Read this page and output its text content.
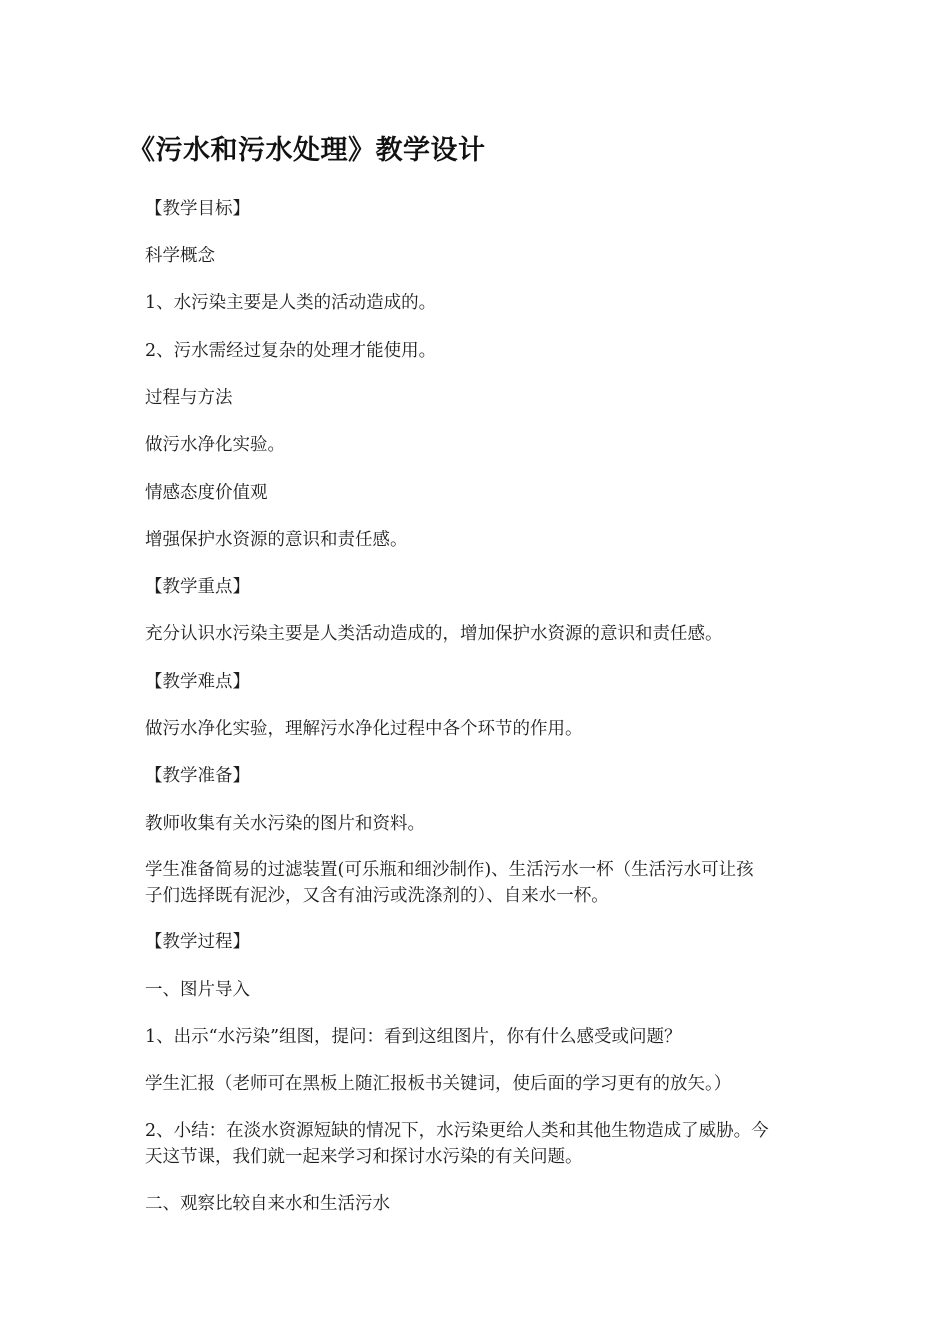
《污水和污水处理》教学设计
【教学目标】
科学概念
1、水污染主要是人类的活动造成的。
2、污水需经过复杂的处理才能使用。
过程与方法
做污水净化实验。
情感态度价值观
增强保护水资源的意识和责任感。
【教学重点】
充分认识水污染主要是人类活动造成的，增加保护水资源的意识和责任感。
【教学难点】
做污水净化实验，理解污水净化过程中各个环节的作用。
【教学准备】
教师收集有关水污染的图片和资料。
学生准备简易的过滤装置(可乐瓶和细沙制作)、生活污水一杯（生活污水可让孩
子们选择既有泥沙，又含有油污或洗涤剂的）、自来水一杯。
【教学过程】
一、图片导入
1、出示“水污染”组图，提问：看到这组图片，你有什么感受或问题？
学生汇报（老师可在黑板上随汇报板书关键词，使后面的学习更有的放矢。）
2、小结：在淡水资源短缺的情况下，水污染更给人类和其他生物造成了威胁。今
天这节课，我们就一起来学习和探讨水污染的有关问题。
二、观察比较自来水和生活污水
